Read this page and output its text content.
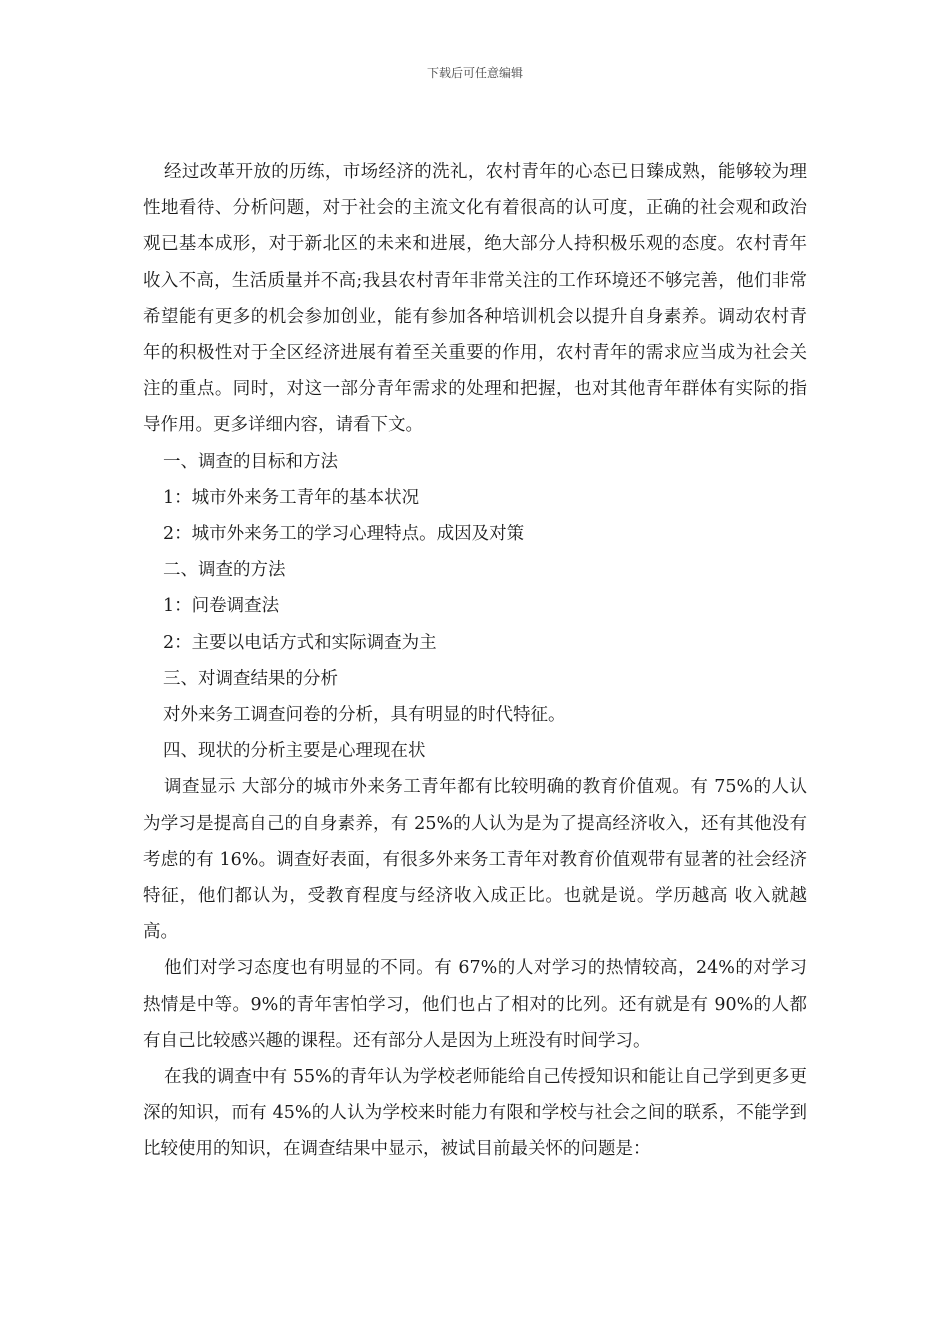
下载后可任意编辑

经过改革开放的历练，市场经济的洗礼，农村青年的心态已日臻成熟，能够较为理性地看待、分析问题，对于社会的主流文化有着很高的认可度，正确的社会观和政治观已基本成形，对于新北区的未来和进展，绝大部分人持积极乐观的态度。农村青年收入不高，生活质量并不高;我县农村青年非常关注的工作环境还不够完善，他们非常希望能有更多的机会参加创业，能有参加各种培训机会以提升自身素养。调动农村青年的积极性对于全区经济进展有着至关重要的作用，农村青年的需求应当成为社会关注的重点。同时，对这一部分青年需求的处理和把握，也对其他青年群体有实际的指导作用。更多详细内容，请看下文。

一、调查的目标和方法

1：城市外来务工青年的基本状况

2：城市外来务工的学习心理特点。成因及对策

二、调查的方法

1：问卷调查法

2：主要以电话方式和实际调查为主

三、对调查结果的分析

对外来务工调查问卷的分析，具有明显的时代特征。

四、现状的分析主要是心理现在状

调查显示 大部分的城市外来务工青年都有比较明确的教育价值观。有 75%的人认为学习是提高自己的自身素养，有 25%的人认为是为了提高经济收入，还有其他没有考虑的有 16%。调查好表面，有很多外来务工青年对教育价值观带有显著的社会经济特征，他们都认为，受教育程度与经济收入成正比。也就是说。学历越高 收入就越高。

他们对学习态度也有明显的不同。有 67%的人对学习的热情较高，24%的对学习热情是中等。9%的青年害怕学习，他们也占了相对的比列。还有就是有 90%的人都有自己比较感兴趣的课程。还有部分人是因为上班没有时间学习。

在我的调查中有 55%的青年认为学校老师能给自己传授知识和能让自己学到更多更深的知识，而有 45%的人认为学校来时能力有限和学校与社会之间的联系，不能学到比较使用的知识，在调查结果中显示，被试目前最关怀的问题是：
